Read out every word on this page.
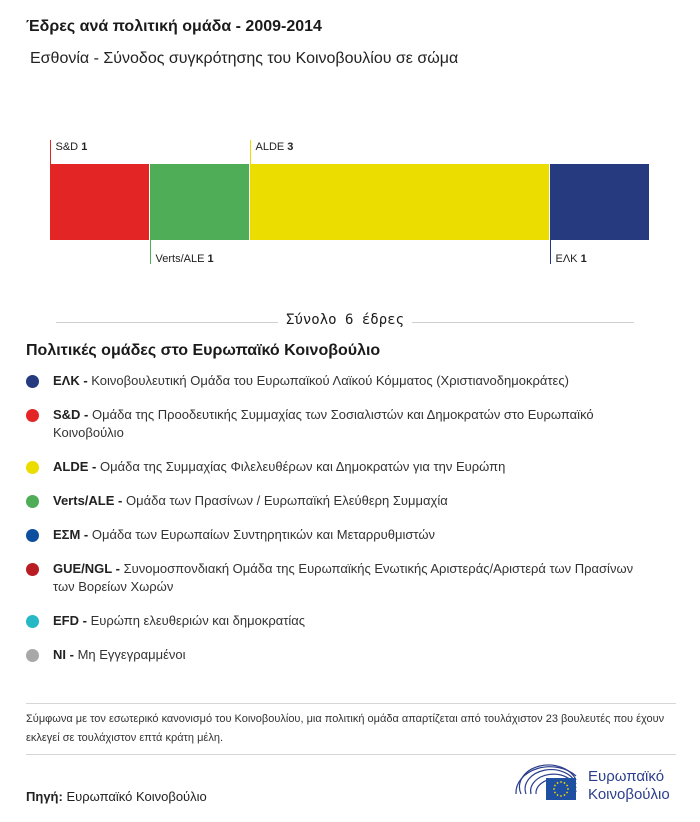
Έδρες ανά πολιτική ομάδα - 2009-2014
Εσθονία - Σύνοδος συγκρότησης του Κοινοβουλίου σε σώμα
S&D 1
Verts/ALE 1
ALDE 3
ΕΛΚ 1
Σύνολο 6 έδρες
Πολιτικές ομάδες στο Ευρωπαϊκό Κοινοβούλιο
ΕΛΚ - Κοινοβουλευτική Ομάδα του Ευρωπαϊκού Λαϊκού Κόμματος (Χριστιανοδημοκράτες)
S&D - Ομάδα της Προοδευτικής Συμμαχίας των Σοσιαλιστών και Δημοκρατών στο Ευρωπαϊκό Κοινοβούλιο
ALDE - Ομάδα της Συμμαχίας Φιλελευθέρων και Δημοκρατών για την Ευρώπη
Verts/ALE - Ομάδα των Πρασίνων / Ευρωπαϊκή Ελεύθερη Συμμαχία
ΕΣΜ - Ομάδα των Ευρωπαίων Συντηρητικών και Μεταρρυθμιστών
GUE/NGL - Συνομοσπονδιακή Ομάδα της Ευρωπαϊκής Ενωτικής Αριστεράς/Αριστερά των Πρασίνων των Βορείων Χωρών
EFD - Ευρώπη ελευθεριών και δημοκρατίας
NI - Μη Εγγεγραμμένοι
Σύμφωνα με τον εσωτερικό κανονισμό του Κοινοβουλίου, μια πολιτική ομάδα απαρτίζεται από τουλάχιστον 23 βουλευτές που έχουν εκλεγεί σε τουλάχιστον επτά κράτη μέλη.
Πηγή: Ευρωπαϊκό Κοινοβούλιο
Ευρωπαϊκό
Κοινοβούλιο
